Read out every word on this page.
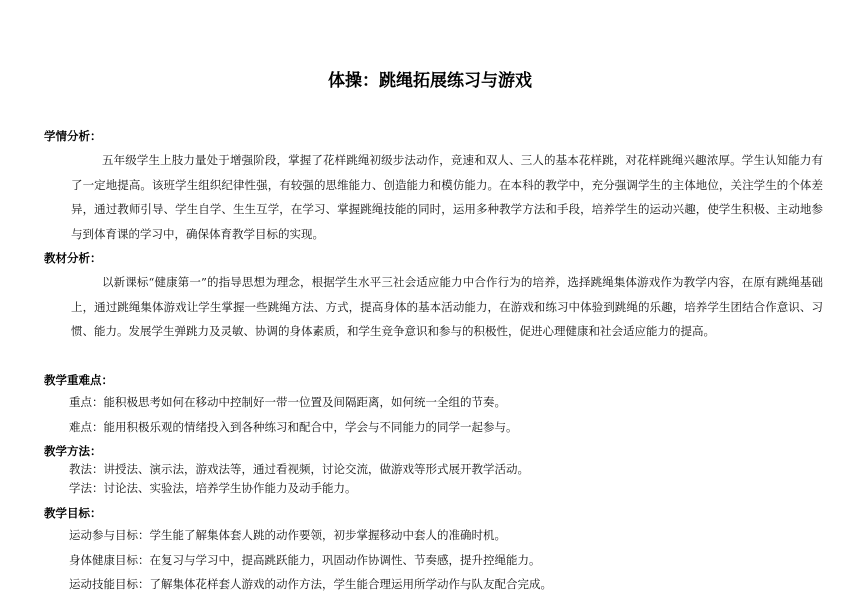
体操：跳绳拓展练习与游戏
学情分析：
五年级学生上肢力量处于增强阶段，掌握了花样跳绳初级步法动作，竞速和双人、三人的基本花样跳，对花样跳绳兴趣浓厚。学生认知能力有了一定地提高。该班学生组织纪律性强，有较强的思维能力、创造能力和模仿能力。在本科的教学中，充分强调学生的主体地位，关注学生的个体差异，通过教师引导、学生自学、生生互学，在学习、掌握跳绳技能的同时，运用多种教学方法和手段，培养学生的运动兴趣，使学生积极、主动地参与到体育课的学习中，确保体育教学目标的实现。
教材分析：
以新课标“健康第一”的指导思想为理念，根据学生水平三社会适应能力中合作行为的培养，选择跳绳集体游戏作为教学内容，在原有跳绳基础上，通过跳绳集体游戏让学生掌握一些跳绳方法、方式，提高身体的基本活动能力，在游戏和练习中体验到跳绳的乐趣，培养学生团结合作意识、习惯、能力。发展学生弹跳力及灵敏、协调的身体素质，和学生竞争意识和参与的积极性，促进心理健康和社会适应能力的提高。
教学重难点：
重点：能积极思考如何在移动中控制好一带一位置及间隔距离，如何统一全组的节奏。
难点：能用积极乐观的情绪投入到各种练习和配合中，学会与不同能力的同学一起参与。
教学方法：
教法：讲授法、演示法，游戏法等，通过看视频，讨论交流，做游戏等形式展开教学活动。
学法：讨论法、实验法，培养学生协作能力及动手能力。
教学目标：
运动参与目标：学生能了解集体套人跳的动作要领，初步掌握移动中套人的准确时机。
身体健康目标：在复习与学习中，提高跳跃能力，巩固动作协调性、节奏感，提升控绳能力。
运动技能目标：了解集体花样套人游戏的动作方法，学生能合理运用所学动作与队友配合完成。
